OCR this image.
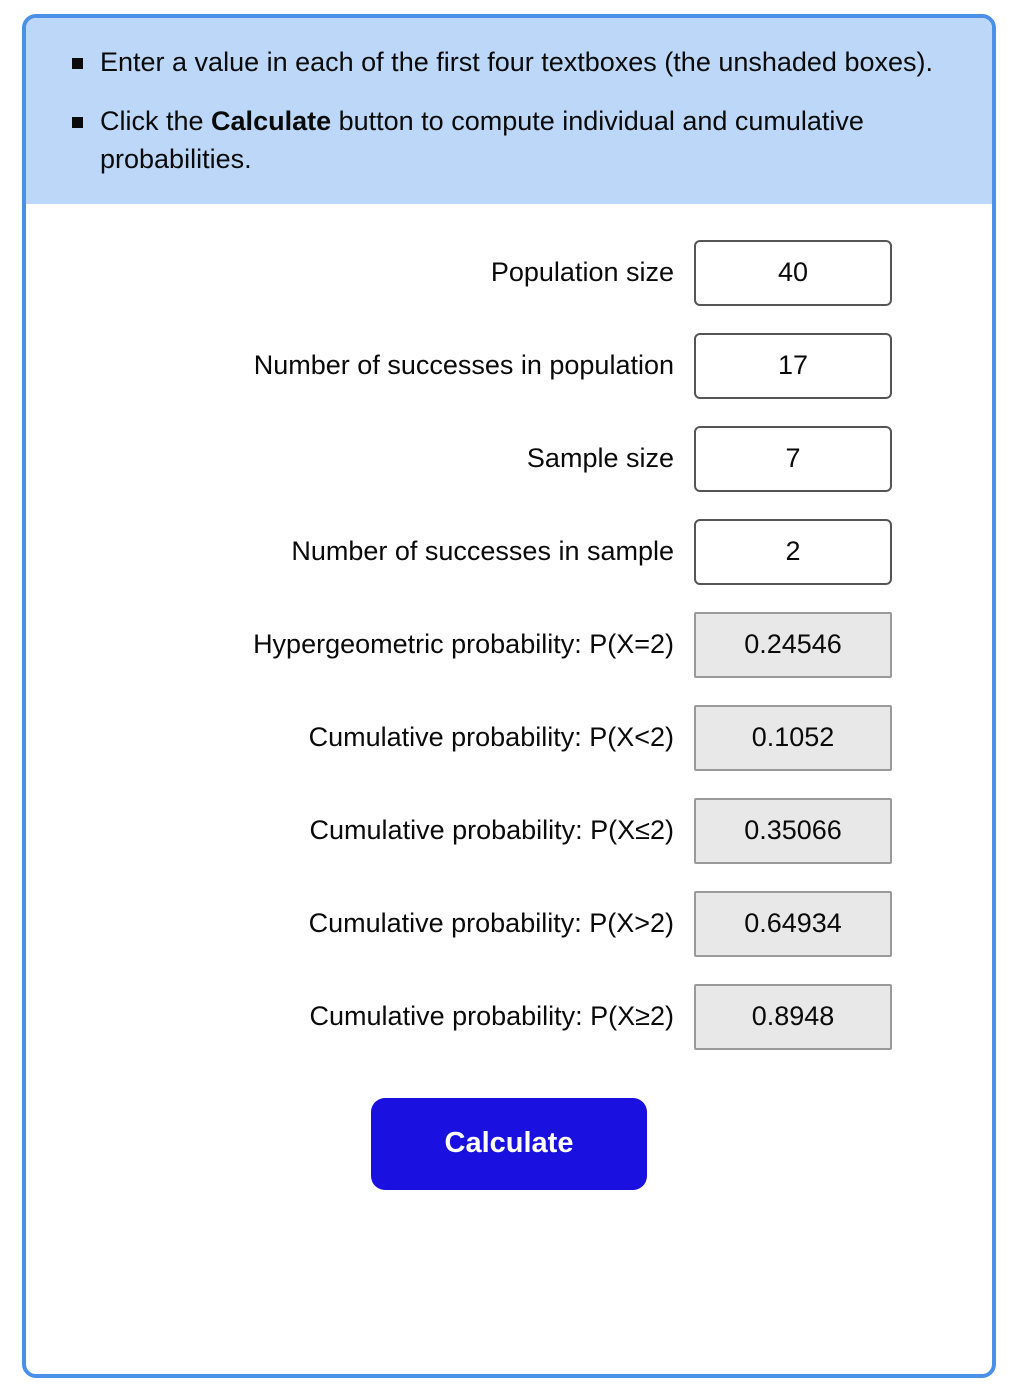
Enter a value in each of the first four textboxes (the unshaded boxes).
Click the Calculate button to compute individual and cumulative probabilities.
Population size
40
Number of successes in population
17
Sample size
7
Number of successes in sample
2
Hypergeometric probability: P(X=2)
0.24546
Cumulative probability: P(X<2)
0.1052
Cumulative probability: P(X≤2)
0.35066
Cumulative probability: P(X>2)
0.64934
Cumulative probability: P(X≥2)
0.8948
Calculate
